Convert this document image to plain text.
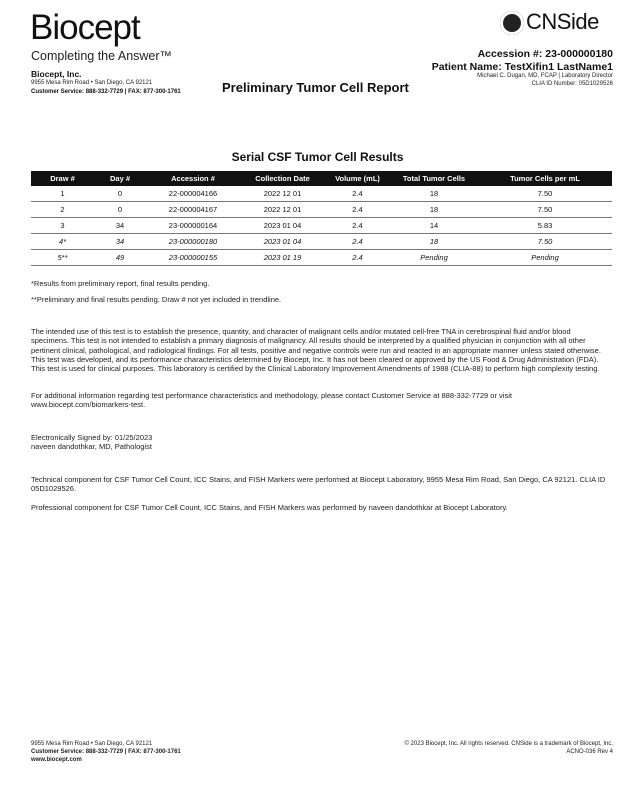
Biocept
Completing the Answer™
Biocept, Inc.
9955 Mesa Rim Road • San Diego, CA 92121
Customer Service: 888-332-7729 | FAX: 877-300-1761	Preliminary Tumor Cell Report
CNSide
Accession #: 23-000000180
Patient Name: TestXifin1 LastName1
Michael C. Dugan, MD, FCAP | Laboratory Director
CLIA ID Number: 05D1029526
Serial CSF Tumor Cell Results
Draw #	Day #	Accession #	Collection Date	Volume (mL)	Total Tumor Cells	Tumor Cells per mL
1	0	22-000004166	2022 12 01	2.4	18	7.50
2	0	22-000004167	2022 12 01	2.4	18	7.50
3	34	23-000000164	2023 01 04	2.4	14	5.83
4*	34	23-000000180	2023 01 04	2.4	18	7.50
5**	49	23-000000155	2023 01 19	2.4	Pending	Pending
*Results from preliminary report, final results pending.
**Preliminary and final results pending. Draw # not yet included in trendline.
The intended use of this test is to establish the presence, quantity, and character of malignant cells and/or mutated cell-free TNA in cerebrospinal fluid and/or blood specimens. This test is not intended to establish a primary diagnosis of malignancy. All results should be interpreted by a qualified physician in conjunction with all other pertinent clinical, pathological, and radiological findings. For all tests, positive and negative controls were run and reacted in an appropriate manner unless stated otherwise. This test was developed, and its performance characteristics determined by Biocept, Inc. It has not been cleared or approved by the US Food & Drug Administration (FDA). This test is used for clinical purposes. This laboratory is certified by the Clinical Laboratory Improvement Amendments of 1988 (CLIA-88) to perform high complexity testing.
For additional information regarding test performance characteristics and methodology, please contact Customer Service at 888-332-7729 or visit www.biocept.com/biomarkers-test.
Electronically Signed by: 01/25/2023
naveen dandothkar, MD, Pathologist
Technical component for CSF Tumor Cell Count, ICC Stains, and FISH Markers were performed at Biocept Laboratory, 9955 Mesa Rim Road, San Diego, CA 92121. CLIA ID 05D1029526.
Professional component for CSF Tumor Cell Count, ICC Stains, and FISH Markers was performed by naveen dandothkar at Biocept Laboratory.
9955 Mesa Rim Road • San Diego, CA 92121
Customer Service: 888-332-7729 | FAX: 877-300-1761
www.biocept.com
© 2023 Biocept, Inc. All rights reserved. CNSide is a trademark of Biocept, Inc.
ACNO-036 Rev 4
